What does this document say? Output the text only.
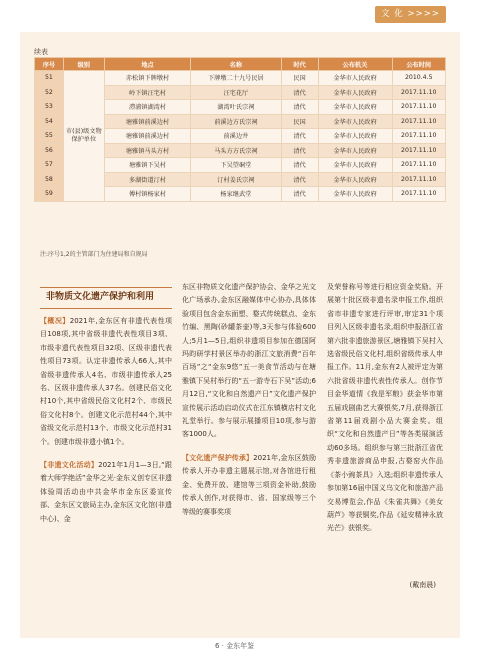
文 化 >>>>
续表
序号	级别	地点	名称	时代	公布机关	公布时间
51	市(县)级文物保护单位	赤松镇下牌墩村	下牌墩二十九号民居	民国	金华市人民政府	2010.4.5
52		岭下镇汪宅村	汪宅花厅	清代	金华市人民政府	2017.11.10
53		澧浦镇湖湾村	湖湾叶氏宗祠	清代	金华市人民政府	2017.11.10
54		塘雅镇前溪边村	前溪边方氏宗祠	民国	金华市人民政府	2017.11.10
55		塘雅镇前溪边村	前溪边井	清代	金华市人民政府	2017.11.10
56		塘雅镇马头方村	马头方方氏宗祠	清代	金华市人民政府	2017.11.10
57		塘雅镇下吴村	下吴望硐堂	清代	金华市人民政府	2017.11.10
58		多湖街道汀村	汀村姜氏宗祠	清代	金华市人民政府	2017.11.10
59		傅村镇杨家村	杨家继武堂	清代	金华市人民政府	2017.11.10
注:序号1,2的主管部门为住建局和自规局
非物质文化遗产保护和利用

【概况】2021年,金东区有非遗代表性项目108项,其中省级非遗代表性项目3项、市级非遗代表性项目32项、区级非遗代表性项目73项。认定非遗传承人66人,其中省级非遗传承人4名、市级非遗传承人25名、区级非遗传承人37名。创建民俗文化村10个,其中省级民俗文化村2个、市级民俗文化村8个。创建文化示范村44个,其中省级文化示范村13个、市级文化示范村31个。创建市级非遗小镇1个。

【非遗文化活动】2021年1月1—3日,“跟着大师学绝活”金华之光·金东义创专区非遗体验周活动由中共金华市金东区委宣传部、金东区文旅局主办,金东区文化馆(非遗中心)、金

东区非物质文化遗产保护协会、金华之光文化广场承办,金东区融媒体中心协办,具体体验项目包含金东面塑、婺式传统糕点、金东竹编、黑陶(砂罐茶壶)等,3天参与体验600人;5月1—5日,组织非遗项目参加在德国阿玛昀研学村景区举办的浙江文旅消费“百年百场”之“金东9悠”五一美食节活动与在塘雅镇下吴村举行的“五一游寺石下吴”活动;6月12日,“文化和自然遗产日”文化遗产保护宣传展示活动启动仪式在江东镇横店村文化礼堂举行。参与展示展播项目10项,参与游客1000人。

【文化遗产保护传承】2021年,金东区鼓励传承人开办非遗主题展示馆,对各馆进行租金、免费开放、建馆等三项资金补助,鼓励传承人创作,对获得市、省、国家级等三个等级的赛事奖项

及荣誉称号等进行相应资金奖励。开展第十批区级非遗名录申报工作,组织省市非遗专家进行评审,审定31个项目列入区级非遗名录,组织申报浙江省第六批非遗旅游景区,塘雅镇下吴村入选省级民俗文化村,组织省级传承人申报工作。11月,金东有2人被评定为第六批省级非遗代表性传承人。创作节目金华道情《我是军粮》获金华市第五届戏剧曲艺大赛银奖,7月,获得浙江省第11届戏剧小品大赛金奖。组织“文化和自然遗产日”等各类展演活动60多场。组织参与第三批浙江省优秀非遗旅游商品申报,古婺窑火作品《茶小豌茶具》入选;组织非遗传承人参加第16届中国义乌文化和旅游产品交易博览会,作品《朱雀共舞》《美女葫芦》等获铜奖,作品《延安精神永放光芒》获银奖。

(戴南晨)
6 · 金东年鉴
